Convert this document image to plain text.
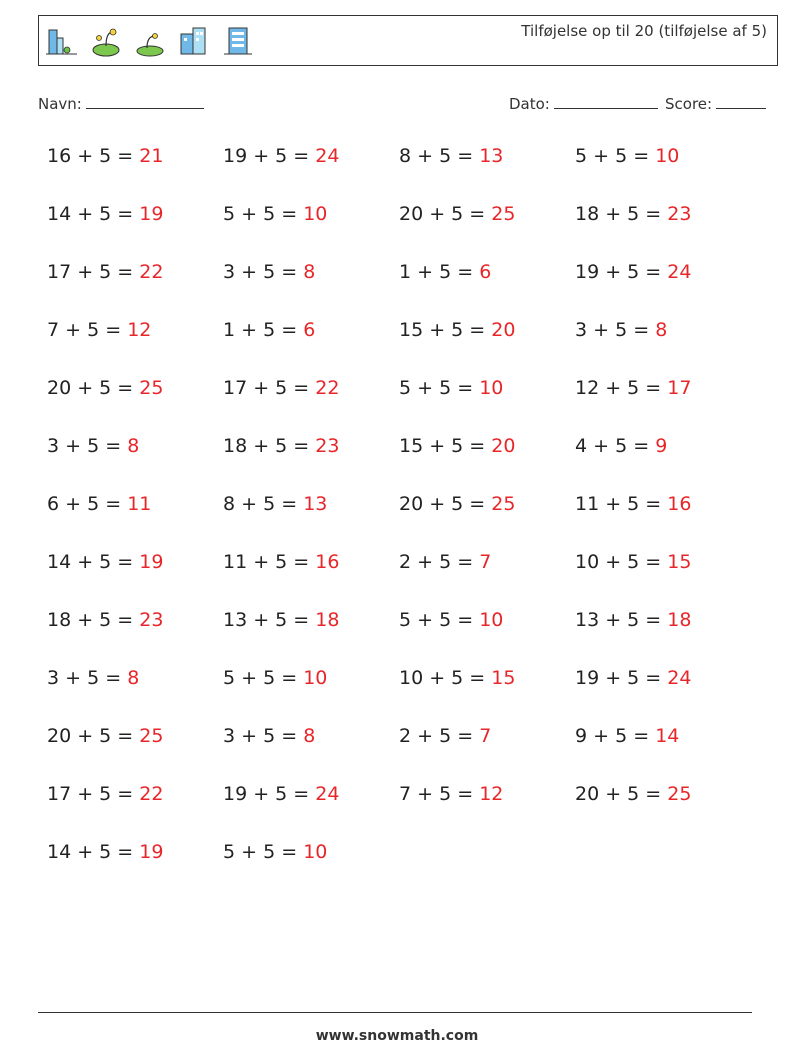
Tilføjelse op til 20 (tilføjelse af 5)
Navn:	Dato:	Score:
16 + 5 = 21	19 + 5 = 24	8 + 5 = 13	5 + 5 = 10
14 + 5 = 19	5 + 5 = 10	20 + 5 = 25	18 + 5 = 23
17 + 5 = 22	3 + 5 = 8	1 + 5 = 6	19 + 5 = 24
7 + 5 = 12	1 + 5 = 6	15 + 5 = 20	3 + 5 = 8
20 + 5 = 25	17 + 5 = 22	5 + 5 = 10	12 + 5 = 17
3 + 5 = 8	18 + 5 = 23	15 + 5 = 20	4 + 5 = 9
6 + 5 = 11	8 + 5 = 13	20 + 5 = 25	11 + 5 = 16
14 + 5 = 19	11 + 5 = 16	2 + 5 = 7	10 + 5 = 15
18 + 5 = 23	13 + 5 = 18	5 + 5 = 10	13 + 5 = 18
3 + 5 = 8	5 + 5 = 10	10 + 5 = 15	19 + 5 = 24
20 + 5 = 25	3 + 5 = 8	2 + 5 = 7	9 + 5 = 14
17 + 5 = 22	19 + 5 = 24	7 + 5 = 12	20 + 5 = 25
14 + 5 = 19	5 + 5 = 10
www.snowmath.com
